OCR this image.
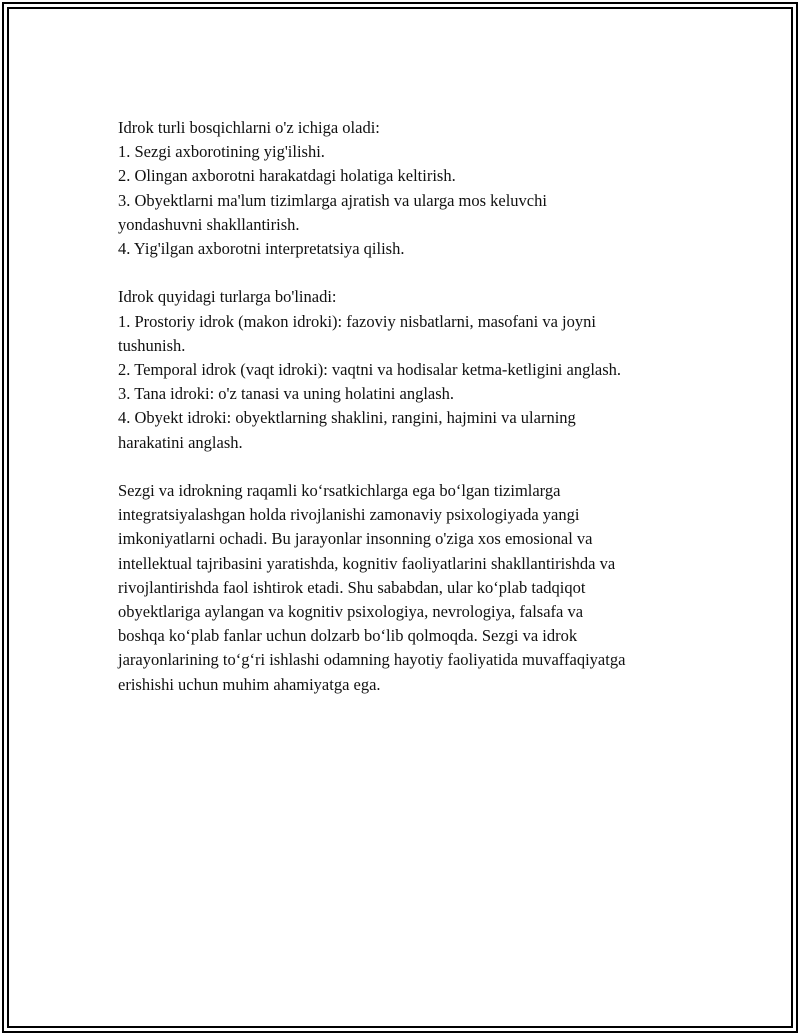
Idrok turli bosqichlarni o'z ichiga oladi:
1. Sezgi axborotining yig'ilishi.
2. Olingan axborotni harakatdagi holatiga keltirish.
3. Obyektlarni ma'lum tizimlarga ajratish va ularga mos keluvchi
yondashuvni shakllantirish.
4. Yig'ilgan axborotni interpretatsiya qilish.
Idrok quyidagi turlarga bo'linadi:
1. Prostoriy idrok (makon idroki): fazoviy nisbatlarni, masofani va joyni
tushunish.
2. Temporal idrok (vaqt idroki): vaqtni va hodisalar ketma-ketligini anglash.
3. Tana idroki: o'z tanasi va uning holatini anglash.
4. Obyekt idroki: obyektlarning shaklini, rangini, hajmini va ularning
harakatini anglash.
Sezgi va idrokning raqamli ko‘rsatkichlarga ega bo‘lgan tizimlarga
integratsiyalashgan holda rivojlanishi zamonaviy psixologiyada yangi
imkoniyatlarni ochadi. Bu jarayonlar insonning o'ziga xos emosional va
intellektual tajribasini yaratishda, kognitiv faoliyatlarini shakllantirishda va
rivojlantirishda faol ishtirok etadi. Shu sababdan, ular ko‘plab tadqiqot
obyektlariga aylangan va kognitiv psixologiya, nevrologiya, falsafa va
boshqa ko‘plab fanlar uchun dolzarb bo‘lib qolmoqda. Sezgi va idrok
jarayonlarining to‘g‘ri ishlashi odamning hayotiy faoliyatida muvaffaqiyatga
erishishi uchun muhim ahamiyatga ega.
